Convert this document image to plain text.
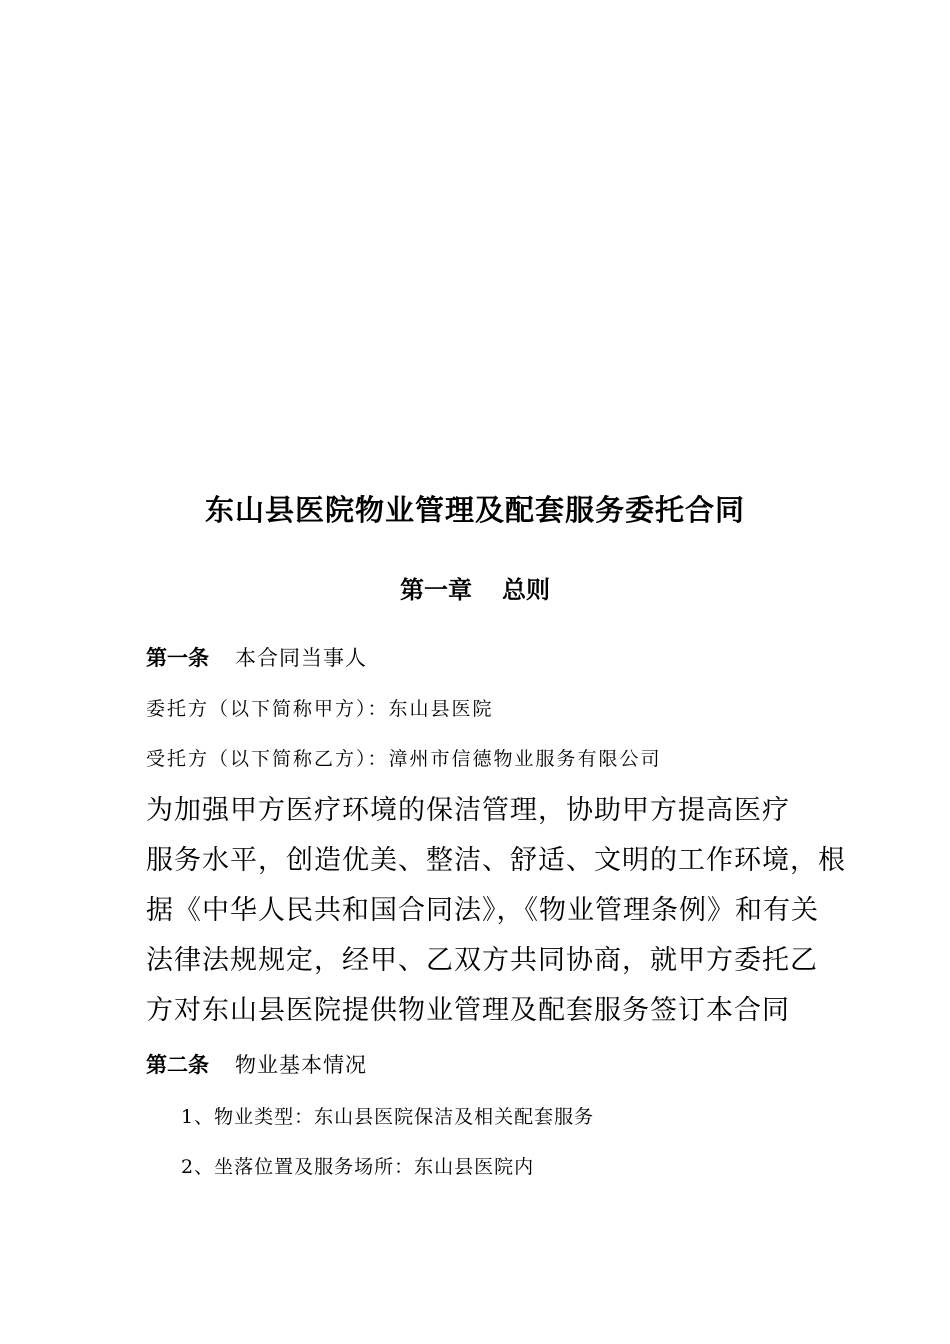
东山县医院物业管理及配套服务委托合同
第一章 总则
第一条 本合同当事人
委托方（以下简称甲方）：东山县医院
受托方（以下简称乙方）：漳州市信德物业服务有限公司
为加强甲方医疗环境的保洁管理，协助甲方提高医疗
服务水平，创造优美、整洁、舒适、文明的工作环境，根
据《中华人民共和国合同法》，《物业管理条例》和有关
法律法规规定，经甲、乙双方共同协商，就甲方委托乙
方对东山县医院提供物业管理及配套服务签订本合同
第二条 物业基本情况
1、物业类型：东山县医院保洁及相关配套服务
2、坐落位置及服务场所：东山县医院内
